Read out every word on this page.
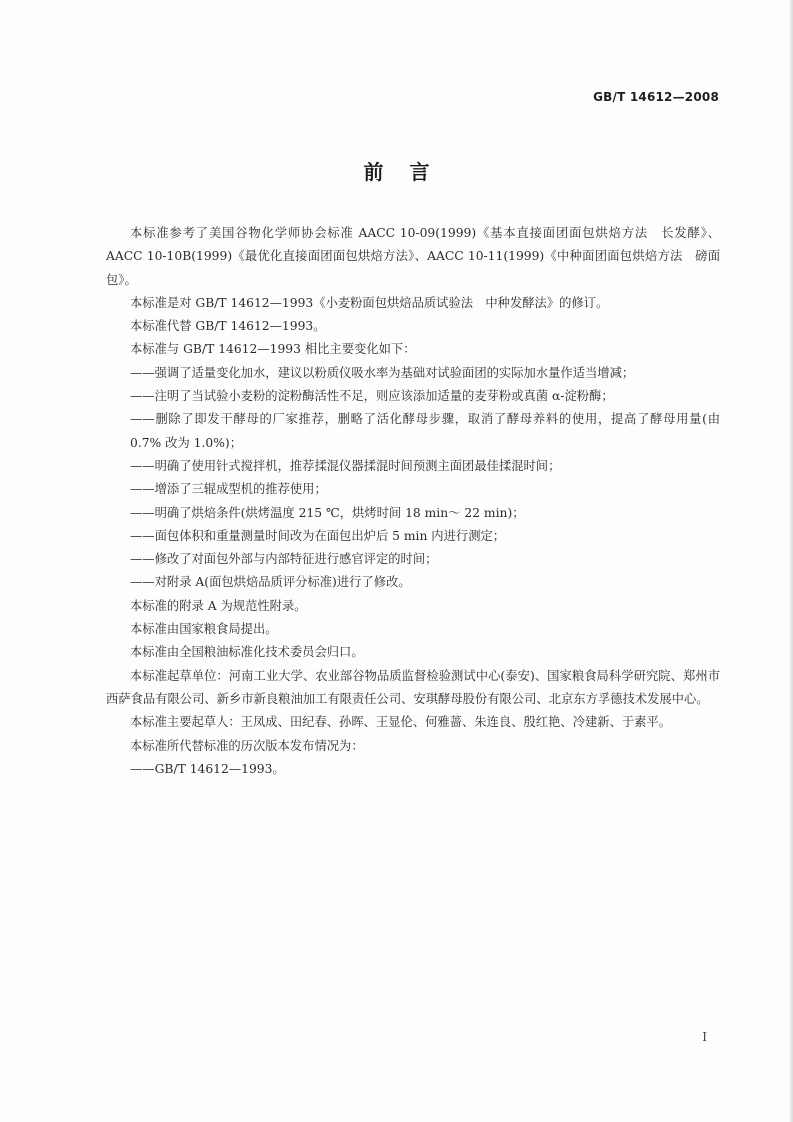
GB/T 14612—2008
前言

本标准参考了美国谷物化学师协会标准 AACC 10-09(1999)《基本直接面团面包烘焙方法　长发酵》、AACC 10-10B(1999)《最优化直接面团面包烘焙方法》、AACC 10-11(1999)《中种面团面包烘焙方法　磅面包》。

本标准是对 GB/T 14612—1993《小麦粉面包烘焙品质试验法　中种发酵法》的修订。

本标准代替 GB/T 14612—1993。

本标准与 GB/T 14612—1993 相比主要变化如下：

——强调了适量变化加水，建议以粉质仪吸水率为基础对试验面团的实际加水量作适当增减；

——注明了当试验小麦粉的淀粉酶活性不足，则应该添加适量的麦芽粉或真菌 α-淀粉酶；

——删除了即发干酵母的厂家推荐，删略了活化酵母步骤，取消了酵母养料的使用，提高了酵母用量(由 0.7% 改为 1.0%)；

——明确了使用针式搅拌机，推荐揉混仪器揉混时间预测主面团最佳揉混时间；

——增添了三辊成型机的推荐使用；

——明确了烘焙条件(烘烤温度 215 ℃，烘烤时间 18 min～ 22 min)；

——面包体积和重量测量时间改为在面包出炉后 5 min 内进行测定；

——修改了对面包外部与内部特征进行感官评定的时间；

——对附录 A(面包烘焙品质评分标准)进行了修改。

本标准的附录 A 为规范性附录。

本标准由国家粮食局提出。

本标准由全国粮油标准化技术委员会归口。

本标准起草单位：河南工业大学、农业部谷物品质监督检验测试中心(泰安)、国家粮食局科学研究院、郑州市西萨食品有限公司、新乡市新良粮油加工有限责任公司、安琪酵母股份有限公司、北京东方孚德技术发展中心。

本标准主要起草人：王凤成、田纪春、孙晖、王显伦、何雅蔷、朱连良、殷红艳、冷建新、于素平。

本标准所代替标准的历次版本发布情况为：

——GB/T 14612—1993。

I
